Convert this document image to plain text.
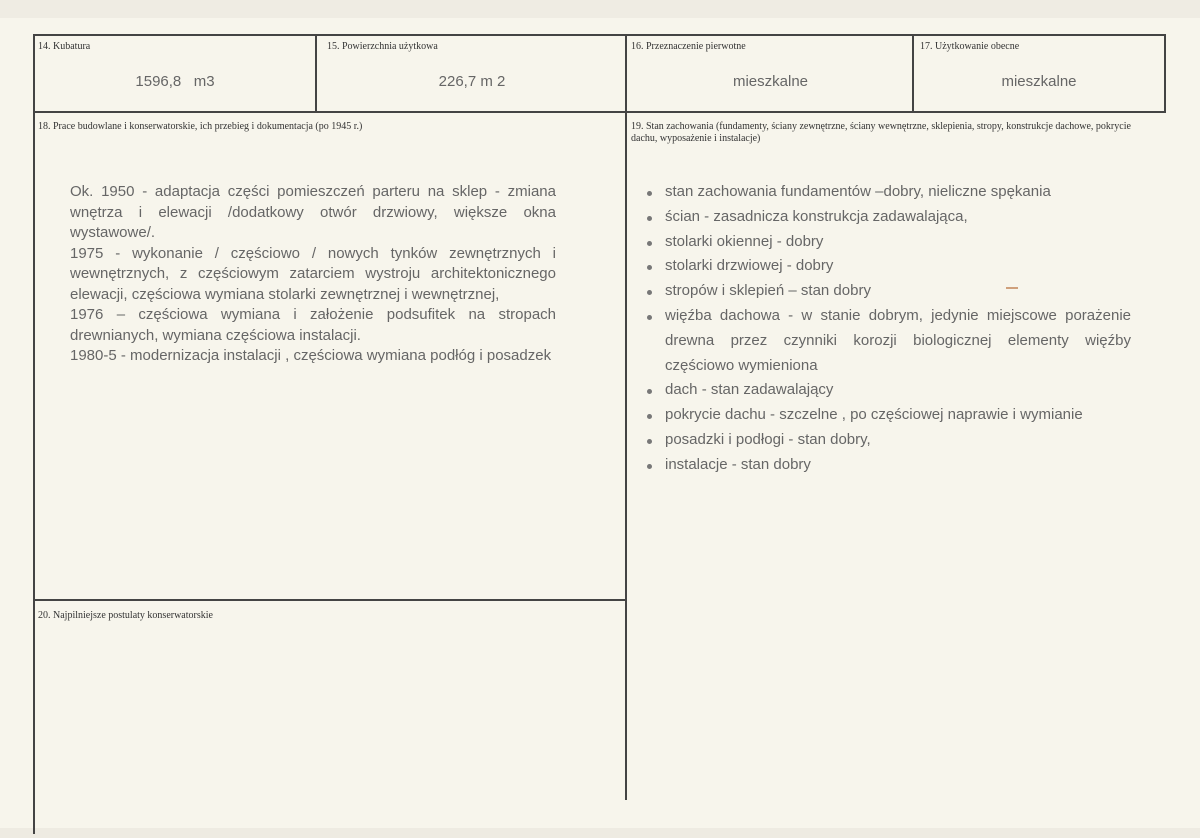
14. Kubatura
1596,8   m3
15. Powierzchnia użytkowa
226,7 m 2
16. Przeznaczenie pierwotne
mieszkalne
17. Użytkowanie obecne
mieszkalne
18. Prace budowlane i konserwatorskie, ich przebieg i dokumentacja (po 1945 r.)
Ok. 1950 - adaptacja części pomieszczeń parteru na sklep - zmiana wnętrza i elewacji /dodatkowy otwór drzwiowy, większe okna wystawowe/.
1975 - wykonanie / częściowo / nowych tynków zewnętrznych i wewnętrznych, z częściowym zatarciem wystroju architektonicznego elewacji, częściowa wymiana stolarki zewnętrznej i wewnętrznej,
1976 – częściowa wymiana i założenie podsufitek na stropach drewnianych, wymiana częściowa instalacji.
1980-5 - modernizacja instalacji , częściowa wymiana podłóg i posadzek
19. Stan zachowania (fundamenty, ściany zewnętrzne, ściany wewnętrzne, sklepienia, stropy, konstrukcje dachowe, pokrycie dachu, wyposażenie i instalacje)
stan zachowania fundamentów –dobry, nieliczne spękania
ścian - zasadnicza konstrukcja zadawalająca,
stolarki okiennej - dobry
stolarki drzwiowej - dobry
stropów i sklepień – stan dobry
więźba dachowa - w stanie dobrym, jedynie miejscowe porażenie drewna przez czynniki korozji biologicznej elementy więźby częściowo wymieniona
dach - stan zadawalający
pokrycie dachu - szczelne , po częściowej naprawie i wymianie
posadzki i podłogi - stan dobry,
instalacje - stan dobry
20. Najpilniejsze postulaty konserwatorskie
